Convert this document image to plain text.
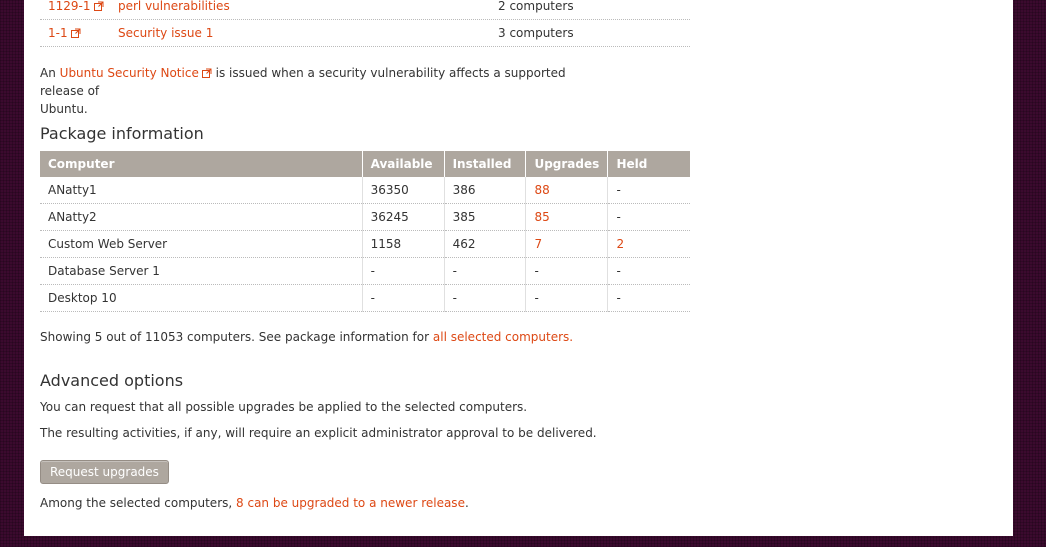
1129-1	perl vulnerabilities	2 computers
1-1	Security issue 1	3 computers
An Ubuntu Security Notice is issued when a security vulnerability affects a supported release of
Ubuntu.
Package information
Computer	Available	Installed	Upgrades	Held
ANatty1	36350	386	88	-
ANatty2	36245	385	85	-
Custom Web Server	1158	462	7	2
Database Server 1	-	-	-	-
Desktop 10	-	-	-	-
Showing 5 out of 11053 computers. See package information for all selected computers.
Advanced options
You can request that all possible upgrades be applied to the selected computers.
The resulting activities, if any, will require an explicit administrator approval to be delivered.
Request upgrades
Among the selected computers, 8 can be upgraded to a newer release.
